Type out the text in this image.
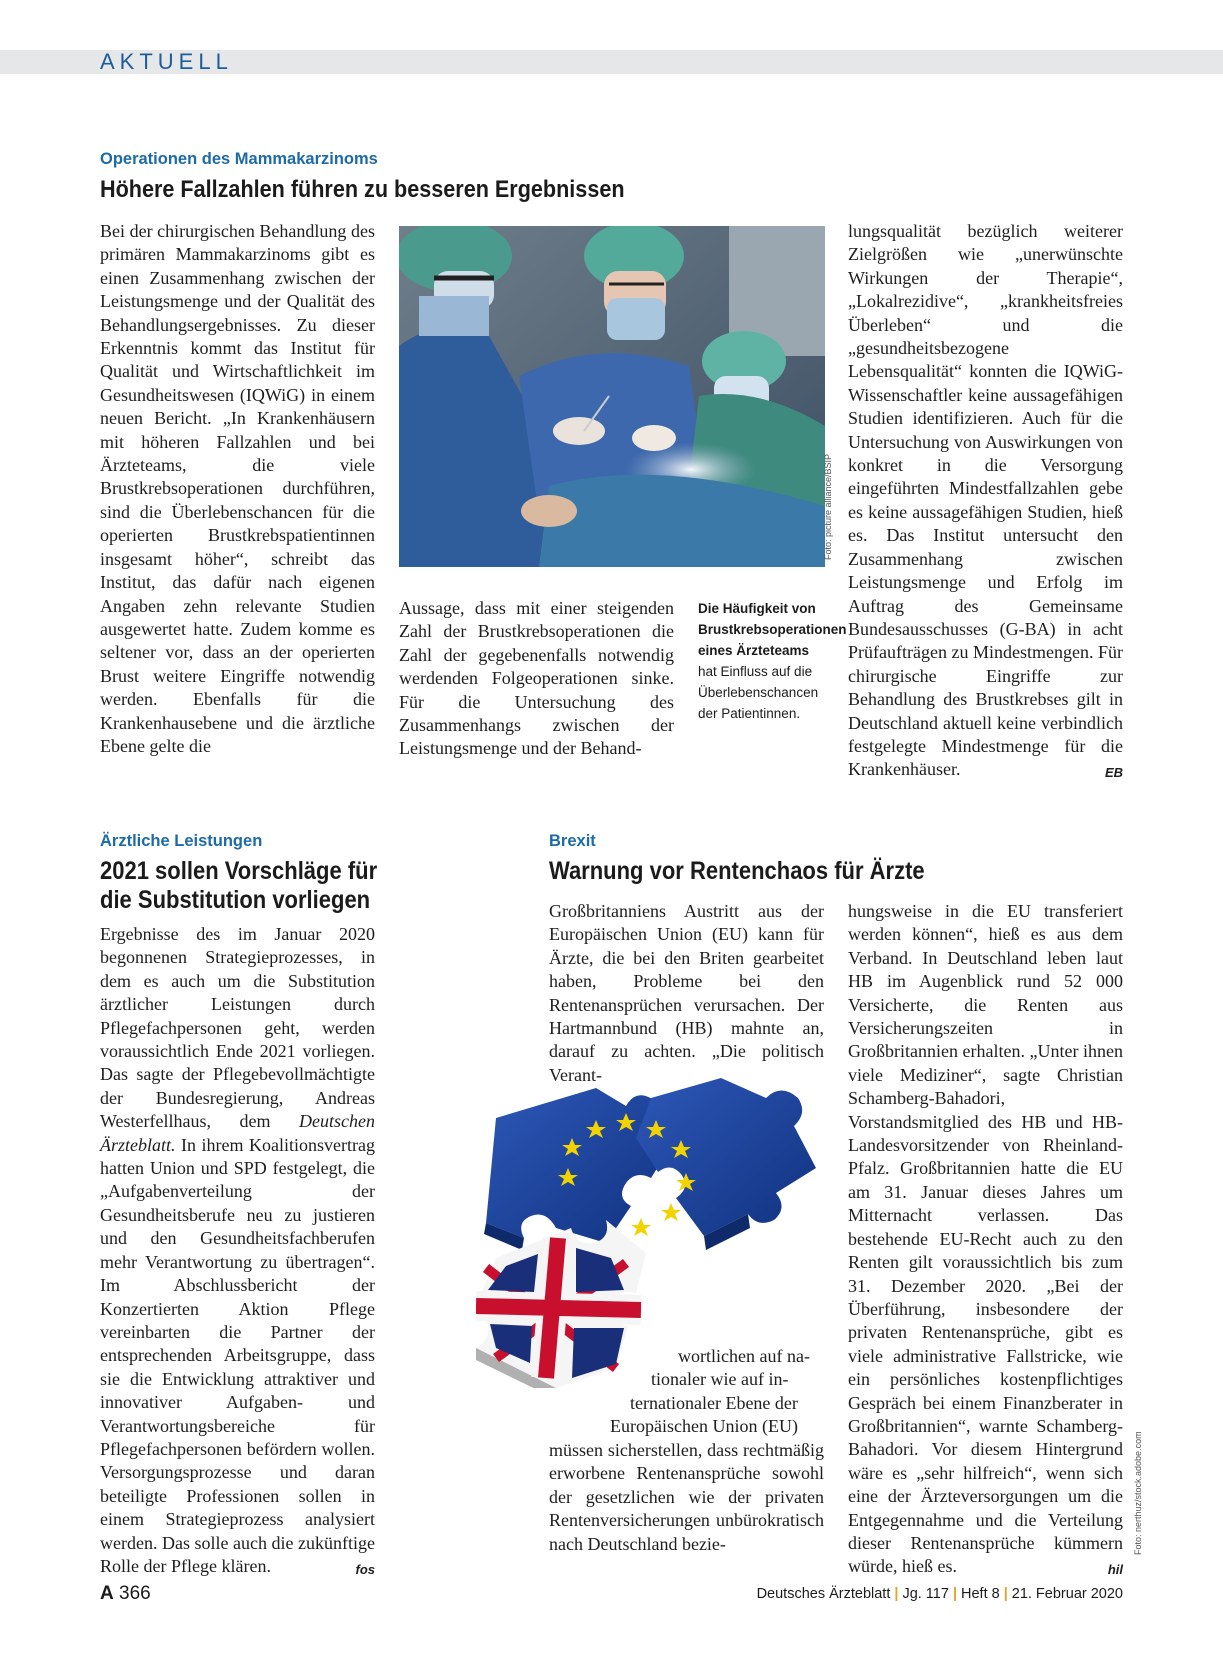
AKTUELL
Operationen des Mammakarzinoms
Höhere Fallzahlen führen zu besseren Ergebnissen

Bei der chirurgischen Behandlung des primären Mammakarzinoms gibt es einen Zusammenhang zwischen der Leistungsmenge und der Qualität des Behandlungsergebnisses. Zu dieser Erkenntnis kommt das Institut für Qualität und Wirtschaftlichkeit im Gesundheitswesen (IQWiG) in einem neuen Bericht. „In Krankenhäusern mit höheren Fallzahlen und bei Ärzteteams, die viele Brustkrebsoperationen durchführen, sind die Überlebenschancen für die operierten Brustkrebspatientinnen insgesamt höher“, schreibt das Institut, das dafür nach eigenen Angaben zehn relevante Studien ausgewertet hatte. Zudem komme es seltener vor, dass an der operierten Brust weitere Eingriffe notwendig werden. Ebenfalls für die Krankenhausebene und die ärztliche Ebene gelte die

Foto: picture alliance/BSIP

Aussage, dass mit einer steigenden Zahl der Brustkrebsoperationen die Zahl der gegebenenfalls notwendig werdenden Folgeoperationen sinke. Für die Untersuchung des Zusammenhangs zwischen der Leistungsmenge und der Behand-

Die Häufigkeit von Brustkrebsoperationen eines Ärzteteams hat Einfluss auf die Überlebenschancen der Patientinnen.

lungsqualität bezüglich weiterer Zielgrößen wie „unerwünschte Wirkungen der Therapie“, „Lokalrezidive“, „krankheitsfreies Überleben“ und die „gesundheitsbezogene Lebensqualität“ konnten die IQWiG-Wissenschaftler keine aussagefähigen Studien identifizieren. Auch für die Untersuchung von Auswirkungen von konkret in die Versorgung eingeführten Mindestfallzahlen gebe es keine aussagefähigen Studien, hieß es. Das Institut untersucht den Zusammenhang zwischen Leistungsmenge und Erfolg im Auftrag des Gemeinsame Bundesausschusses (G-BA) in acht Prüfaufträgen zu Mindestmengen. Für chirurgische Eingriffe zur Behandlung des Brustkrebses gilt in Deutschland aktuell keine verbindlich festgelegte Mindestmenge für die Krankenhäuser.	EB

Ärztliche Leistungen
2021 sollen Vorschläge für
die Substitution vorliegen

Ergebnisse des im Januar 2020 begonnenen Strategieprozesses, in dem es auch um die Substitution ärztlicher Leistungen durch Pflegefachpersonen geht, werden voraussichtlich Ende 2021 vorliegen. Das sagte der Pflegebevollmächtigte der Bundesregierung, Andreas Westerfellhaus, dem Deutschen Ärzteblatt. In ihrem Koalitionsvertrag hatten Union und SPD festgelegt, die „Aufgabenverteilung der Gesundheitsberufe neu zu justieren und den Gesundheitsfachberufen mehr Verantwortung zu übertragen“. Im Abschlussbericht der Konzertierten Aktion Pflege vereinbarten die Partner der entsprechenden Arbeitsgruppe, dass sie die Entwicklung attraktiver und innovativer Aufgaben- und Verantwortungsbereiche für Pflegefachpersonen befördern wollen. Versorgungsprozesse und daran beteiligte Professionen sollen in einem Strategieprozess analysiert werden. Das solle auch die zukünftige Rolle der Pflege klären.	fos

Brexit
Warnung vor Rentenchaos für Ärzte

Großbritanniens Austritt aus der Europäischen Union (EU) kann für Ärzte, die bei den Briten gearbeitet haben, Probleme bei den Rentenansprüchen verursachen. Der Hartmannbund (HB) mahnte an, darauf zu achten. „Die politisch Verant-

wortlichen auf na-
tionaler wie auf in-
ternationaler Ebene der
Europäischen Union (EU)

müssen sicherstellen, dass rechtmäßig erworbene Rentenansprüche sowohl der gesetzlichen wie der privaten Rentenversicherungen unbürokratisch nach Deutschland bezie-

hungsweise in die EU transferiert werden können“, hieß es aus dem Verband. In Deutschland leben laut HB im Augenblick rund 52 000 Versicherte, die Renten aus Versicherungszeiten in Großbritannien erhalten. „Unter ihnen viele Mediziner“, sagte Christian Schamberg-Bahadori, Vorstandsmitglied des HB und HB-Landesvorsitzender von Rheinland-Pfalz. Großbritannien hatte die EU am 31. Januar dieses Jahres um Mitternacht verlassen. Das bestehende EU-Recht auch zu den Renten gilt voraussichtlich bis zum 31. Dezember 2020. „Bei der Überführung, insbesondere der privaten Rentenansprüche, gibt es viele administrative Fallstricke, wie ein persönliches kostenpflichtiges Gespräch bei einem Finanzberater in Großbritannien“, warnte Schamberg-Bahadori. Vor diesem Hintergrund wäre es „sehr hilfreich“, wenn sich eine der Ärzteversorgungen um die Entgegennahme und die Verteilung dieser Rentenansprüche kümmern würde, hieß es.	hil

Foto: nerthuz/stock.adobe.com
A 366	Deutsches Ärzteblatt | Jg. 117 | Heft 8 | 21. Februar 2020
